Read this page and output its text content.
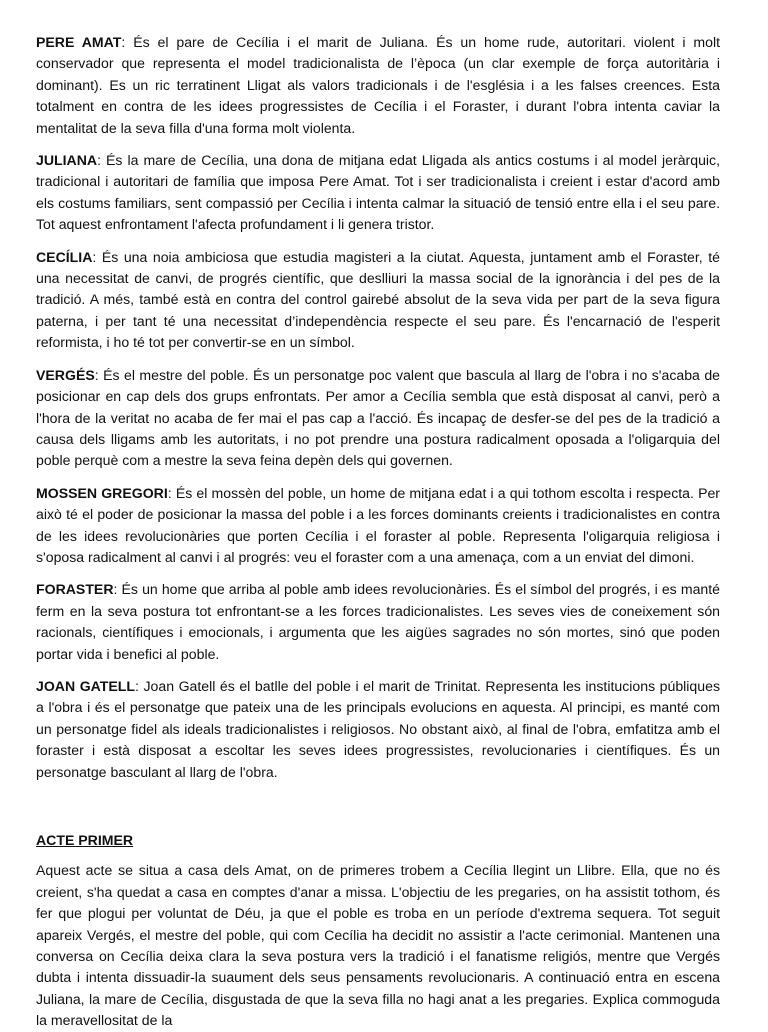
PERE AMAT: És el pare de Cecília i el marit de Juliana. És un home rude, autoritari. violent i molt conservador que representa el model tradicionalista de l’època (un clar exemple de força autoritària i dominant). Es un ric terratinent Lligat als valors tradicionals i de l'església i a les falses creences. Esta totalment en contra de les idees progressistes de Cecília i el Foraster, i durant l'obra intenta caviar la mentalitat de la seva filla d'una forma molt violenta.

JULIANA: És la mare de Cecília, una dona de mitjana edat Lligada als antics costums i al model jeràrquic, tradicional i autoritari de família que imposa Pere Amat. Tot i ser tradicionalista i creient i estar d'acord amb els costums familiars, sent compassió per Cecília i intenta calmar la situació de tensió entre ella i el seu pare. Tot aquest enfrontament l'afecta profundament i li genera tristor.

CECÍLIA: És una noia ambiciosa que estudia magisteri a la ciutat. Aquesta, juntament amb el Foraster, té una necessitat de canvi, de progrés científic, que deslliuri la massa social de la ignorància i del pes de la tradició. A més, també està en contra del control gairebé absolut de la seva vida per part de la seva figura paterna, i per tant té una necessitat d’independència respecte el seu pare. És l'encarnació de l'esperit reformista, i ho té tot per convertir-se en un símbol.

VERGÉS: És el mestre del poble. És un personatge poc valent que bascula al llarg de l'obra i no s'acaba de posicionar en cap dels dos grups enfrontats. Per amor a Cecília sembla que està disposat al canvi, però a l'hora de la veritat no acaba de fer mai el pas cap a l'acció. És incapaç de desfer-se del pes de la tradició a causa dels lligams amb les autoritats, i no pot prendre una postura radicalment oposada a l'oligarquia del poble perquè com a mestre la seva feina depèn dels qui governen.

MOSSEN GREGORI: És el mossèn del poble, un home de mitjana edat i a qui tothom escolta i respecta. Per això té el poder de posicionar la massa del poble i a les forces dominants creients i tradicionalistes en contra de les idees revolucionàries que porten Cecília i el foraster al poble. Representa l'oligarquia religiosa i s'oposa radicalment al canvi i al progrés: veu el foraster com a una amenaça, com a un enviat del dimoni.

FORASTER: És un home que arriba al poble amb idees revolucionàries. És el símbol del progrés, i es manté ferm en la seva postura tot enfrontant-se a les forces tradicionalistes. Les seves vies de coneixement són racionals, científiques i emocionals, i argumenta que les aigües sagrades no són mortes, sinó que poden portar vida i benefici al poble.

JOAN GATELL: Joan Gatell és el batlle del poble i el marit de Trinitat. Representa les institucions públiques a l'obra i és el personatge que pateix una de les principals evolucions en aquesta. Al principi, es manté com un personatge fidel als ideals tradicionalistes i religiosos. No obstant això, al final de l'obra, emfatitza amb el foraster i està disposat a escoltar les seves idees progressistes, revolucionaries i científiques. És un personatge basculant al llarg de l'obra.

ACTE PRIMER

Aquest acte se situa a casa dels Amat, on de primeres trobem a Cecília llegint un Llibre. Ella, que no és creient, s'ha quedat a casa en comptes d'anar a missa. L'objectiu de les pregaries, on ha assistit tothom, és fer que plogui per voluntat de Déu, ja que el poble es troba en un període d'extrema sequera. Tot seguit apareix Vergés, el mestre del poble, qui com Cecília ha decidit no assistir a l'acte cerimonial. Mantenen una conversa on Cecília deixa clara la seva postura vers la tradició i el fanatisme religiós, mentre que Vergés dubta i intenta dissuadir-la suaument dels seus pensaments revolucionaris. A continuació entra en escena Juliana, la mare de Cecília, disgustada de que la seva filla no hagi anat a les pregaries. Explica commoguda la meravellositat de la
